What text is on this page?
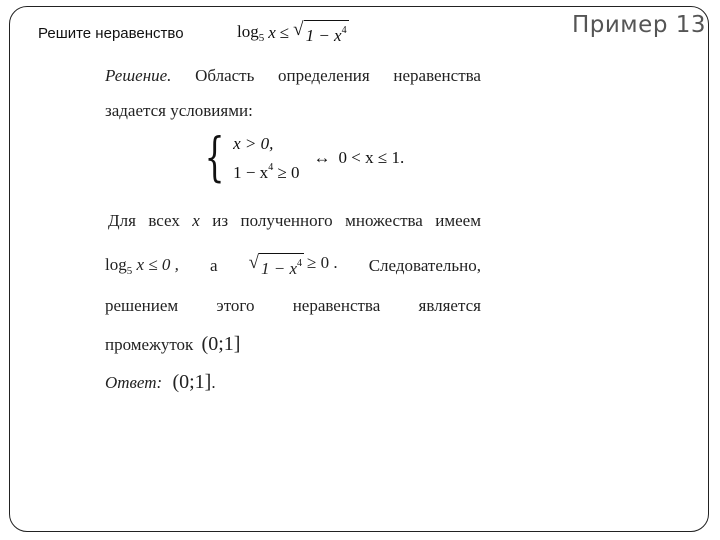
Пример 13
Решите неравенство	$\log_5 x$ ≤ √ $1 - x^4$
Решение. Область определения неравенства
задается условиями:
{ x > 0,
$1 - x^4 \ge 0$
↔ 0 < x ≤ 1.
Для всех x из полученного множества имеем
$\log_5 x \le 0$ , а √ $1 - x^4 \ge 0$ . Следовательно,
решением этого неравенства является
промежуток (0;1]
Ответ: (0;1].
